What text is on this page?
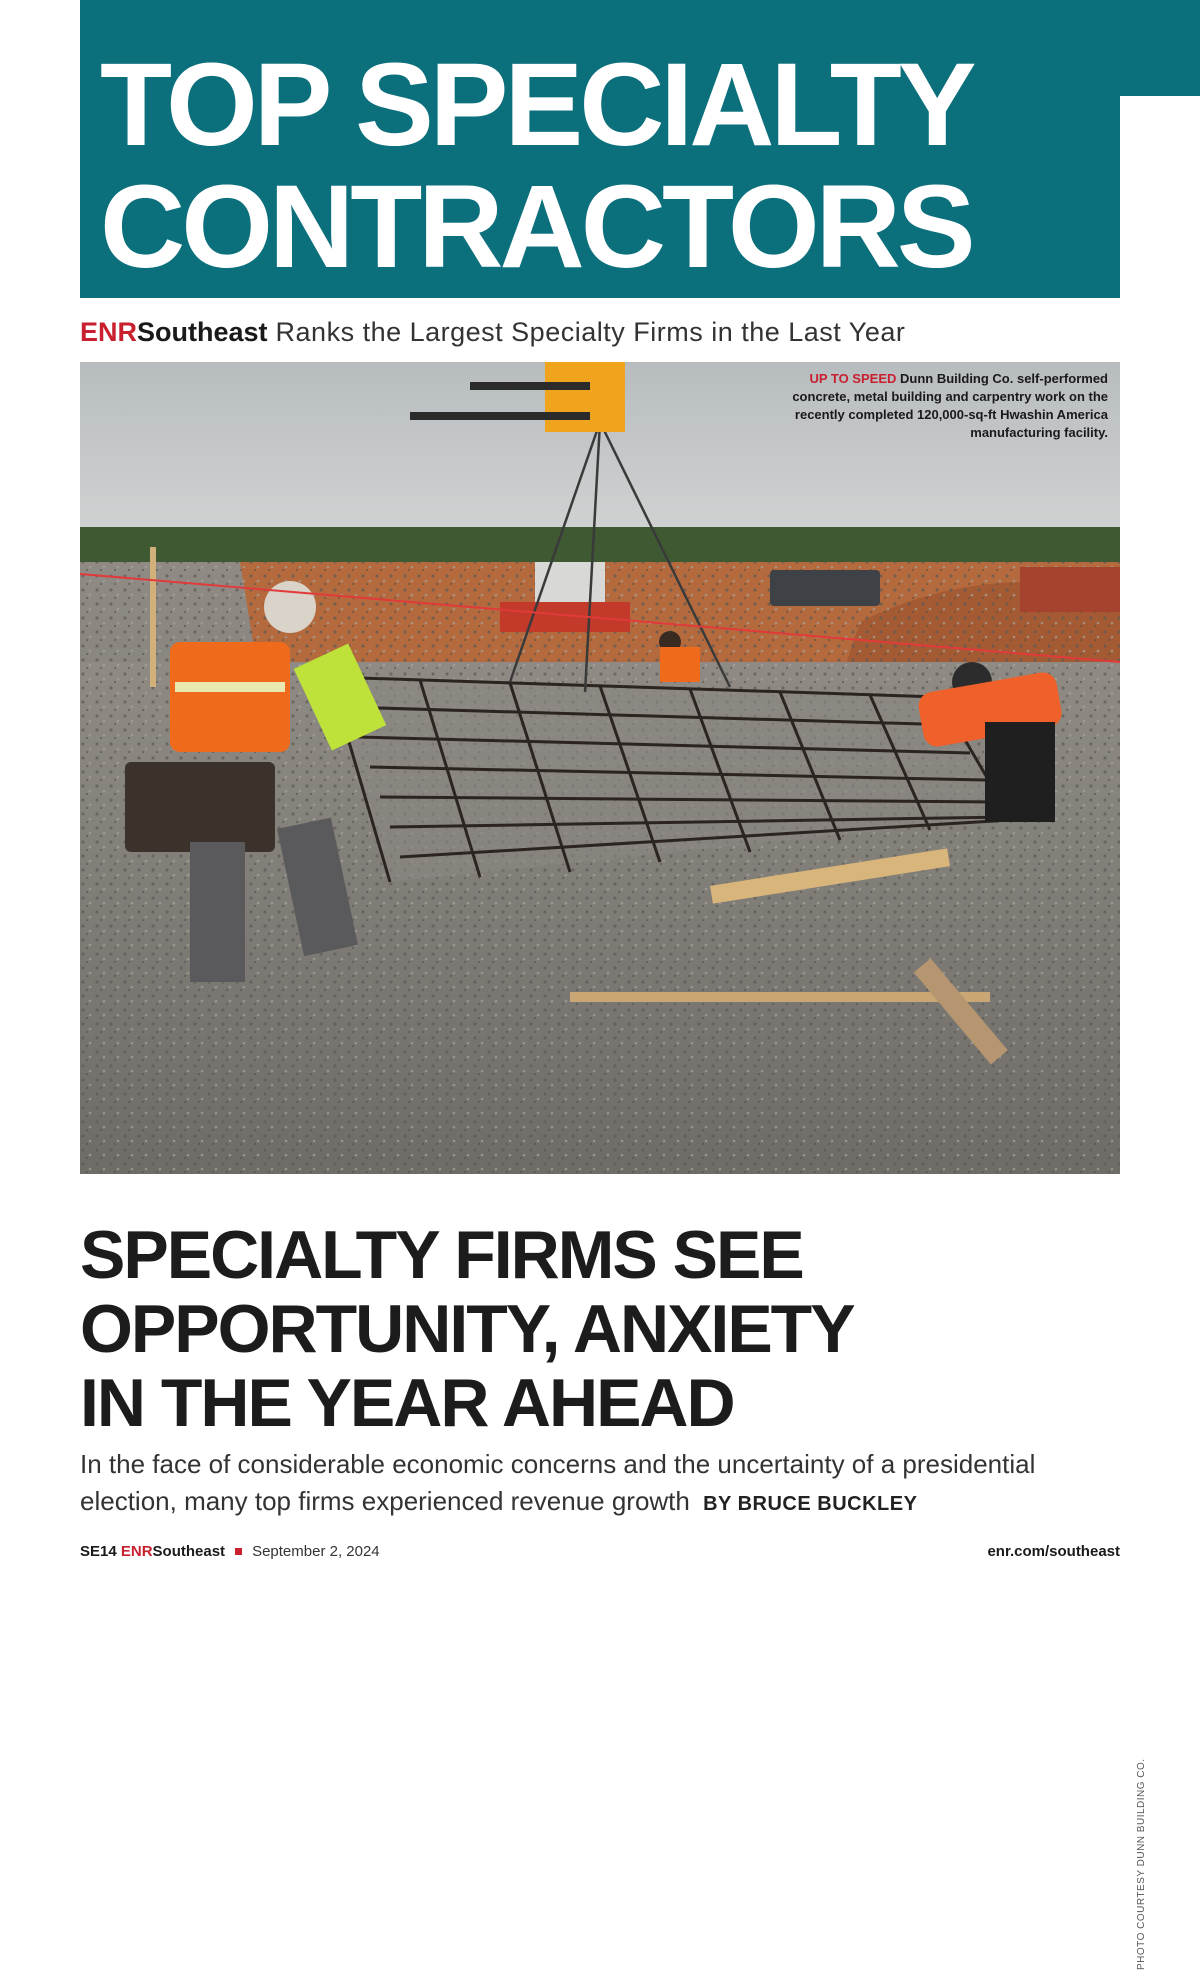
TOP SPECIALTY
CONTRACTORS
ENRSoutheast Ranks the Largest Specialty Firms in the Last Year
UP TO SPEED Dunn Building Co. self-performed concrete, metal building and carpentry work on the recently completed 120,000-sq-ft Hwashin America manufacturing facility.
SPECIALTY FIRMS SEE
OPPORTUNITY, ANXIETY
IN THE YEAR AHEAD
In the face of considerable economic concerns and the uncertainty of a presidential election, many top firms experienced revenue growth BY BRUCE BUCKLEY
PHOTO COURTESY DUNN BUILDING CO.
SE14 ENRSoutheast September 2, 2024	enr.com/southeast
